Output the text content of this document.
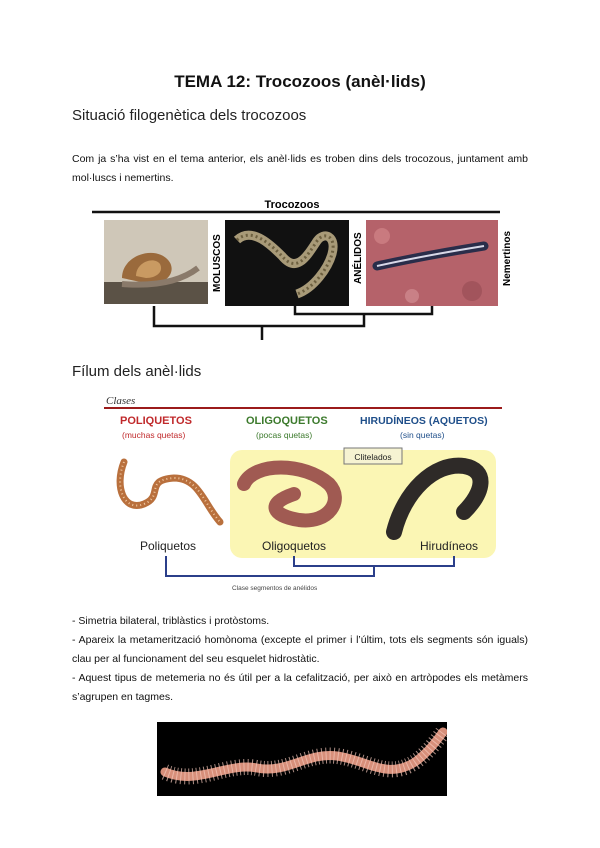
TEMA 12: Trocozoos (anèl·lids)
Situació filogenètica dels trocozoos
Com ja s’ha vist en el tema anterior, els anèl·lids es troben dins dels trocozous, juntament amb mol·luscs i nemertins.
Trocozoos
MOLUSCOS	ANÉLIDOS	Nemertinos
Fílum dels anèl·lids
Clases
POLIQUETOS
(muchas quetas)
OLIGOQUETOS
(pocas quetas)
HIRUDÍNEOS (AQUETOS)
(sin quetas)
Clitelados
Poliquetos	Oligoquetos	Hirudíneos
Clase segmentos de anélidos
- Simetria bilateral, triblàstics i protòstoms.
- Apareix la metamerització homònoma (excepte el primer i l’últim, tots els segments són iguals) clau per al funcionament del seu esquelet hidrostàtic.
- Aquest tipus de metemeria no és útil per a la cefalització, per això en artròpodes els metàmers s’agrupen en tagmes.
